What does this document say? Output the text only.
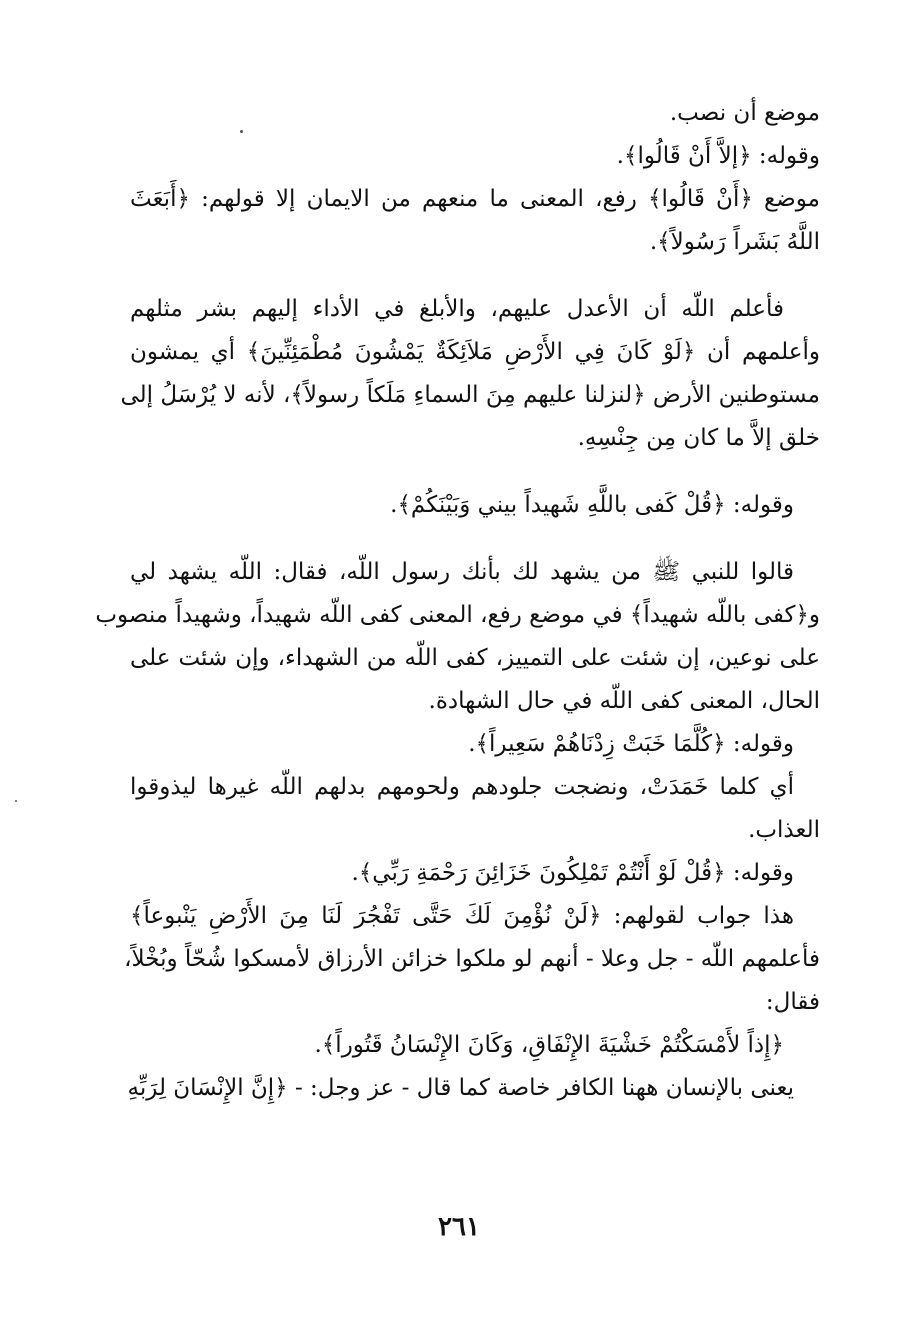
موضع أن نصب.
وقوله: ﴿إلاَّ أَنْ قَالُوا﴾.
موضع ﴿أَنْ قَالُوا﴾ رفع، المعنى ما منعهم من الايمان إلا قولهم: ﴿أَبَعَثَ
اللَّهُ بَشَراً رَسُولاً﴾.
فأعلم اللّه أن الأعدل عليهم، والأبلغ في الأداء إليهم بشر مثلهم
وأعلمهم أن ﴿لَوْ كَانَ فِي الأَرْضِ مَلاَئِكَةٌ يَمْشُونَ مُطْمَئِنِّينَ﴾ أي يمشون
مستوطنين الأرض ﴿لنزلنا عليهم مِنَ السماءِ مَلَكاً رسولاً﴾، لأنه لا يُرْسَلُ إلى
خلق إلاَّ ما كان مِن جِنْسِهِ.
وقوله: ﴿قُلْ كَفى باللَّهِ شَهيداً بيني وَبَيْنَكُمْ﴾.
قالوا للنبي ﷺ من يشهد لك بأنك رسول اللّه، فقال: اللّه يشهد لي
و﴿كفى باللّه شهيداً﴾ في موضع رفع، المعنى كفى اللّه شهيداً، وشهيداً منصوب
على نوعين، إن شئت على التمييز، كفى اللّه من الشهداء، وإن شئت على
الحال، المعنى كفى اللّه في حال الشهادة.
وقوله: ﴿كُلَّمَا خَبَتْ زِدْنَاهُمْ سَعِيراً﴾.
أي كلما خَمَدَتْ، ونضجت جلودهم ولحومهم بدلهم اللّه غيرها ليذوقوا
العذاب.
وقوله: ﴿قُلْ لَوْ أَنْتُمْ تَمْلِكُونَ خَزَائِنَ رَحْمَةِ رَبِّي﴾.
هذا جواب لقولهم: ﴿لَنْ نُؤْمِنَ لَكَ حَتَّى تَفْجُرَ لَنَا مِنَ الأَرْضِ يَنْبوعاً﴾
فأعلمهم اللّه - جل وعلا - أنهم لو ملكوا خزائن الأرزاق لأمسكوا شُحّاً وبُخْلاً،
فقال:
﴿إِذاً لأَمْسَكْتُمْ خَشْيَةَ الإِنْفَاقِ، وَكَانَ الإِنْسَانُ قَتُوراً﴾.
يعنى بالإنسان ههنا الكافر خاصة كما قال - عز وجل: - ﴿إِنَّ الإِنْسَانَ لِرَبِّهِ
٢٦١
